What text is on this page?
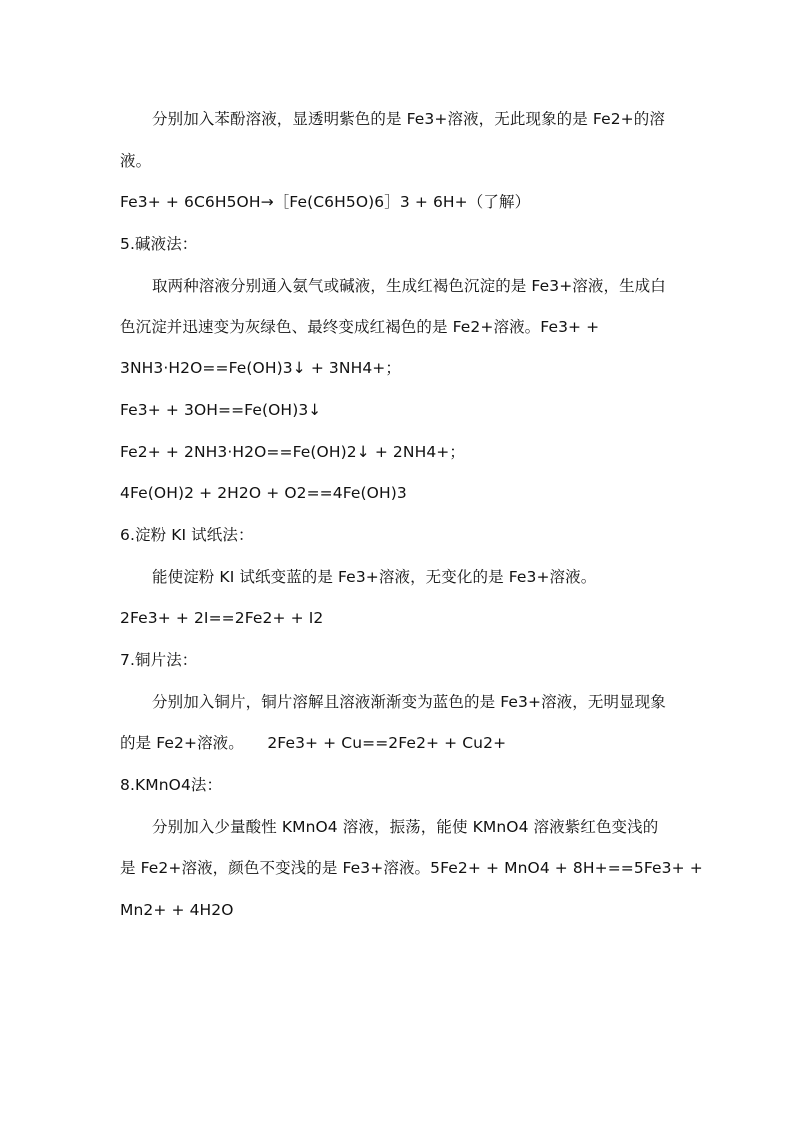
分别加入苯酚溶液，显透明紫色的是 Fe3+溶液，无此现象的是 Fe2+的溶
液。
Fe3+ + 6C6H5OH→［Fe(C6H5O)6］3 + 6H+（了解）
5.碱液法：
取两种溶液分别通入氨气或碱液，生成红褐色沉淀的是 Fe3+溶液，生成白
色沉淀并迅速变为灰绿色、最终变成红褐色的是 Fe2+溶液。Fe3+ +
3NH3·H2O==Fe(OH)3↓ + 3NH4+；
Fe3+ + 3OH==Fe(OH)3↓
Fe2+ + 2NH3·H2O==Fe(OH)2↓ + 2NH4+；
4Fe(OH)2 + 2H2O + O2==4Fe(OH)3
6.淀粉 KI 试纸法：
能使淀粉 KI 试纸变蓝的是 Fe3+溶液，无变化的是 Fe3+溶液。
2Fe3+ + 2I==2Fe2+ + I2
7.铜片法：
分别加入铜片，铜片溶解且溶液渐渐变为蓝色的是 Fe3+溶液，无明显现象
的是 Fe2+溶液。　　2Fe3+ + Cu==2Fe2+ + Cu2+
8.KMnO4法：
分别加入少量酸性 KMnO4 溶液，振荡，能使 KMnO4 溶液紫红色变浅的
是 Fe2+溶液，颜色不变浅的是 Fe3+溶液。5Fe2+ + MnO4 + 8H+==5Fe3+ +
Mn2+ + 4H2O
